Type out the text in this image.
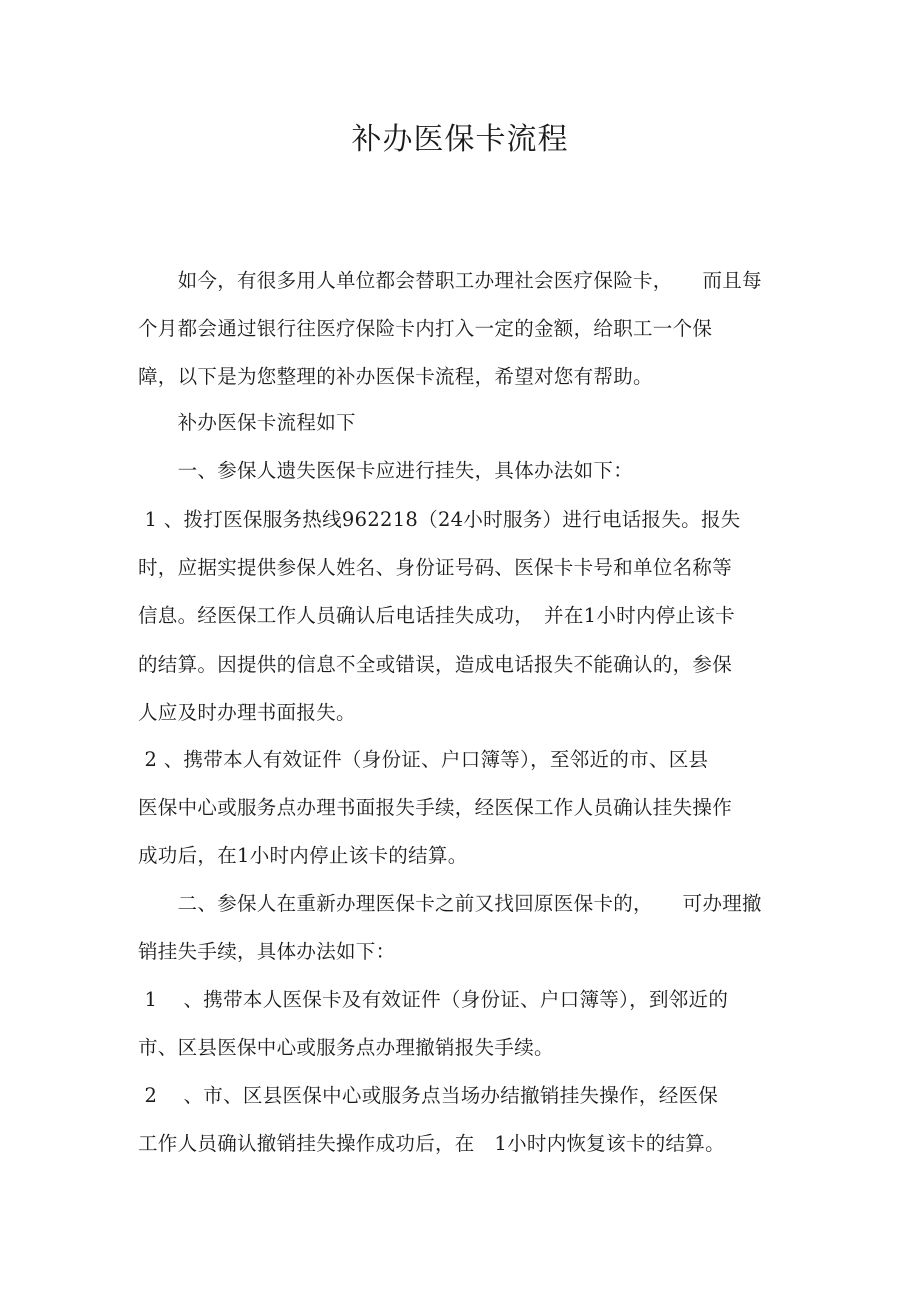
补办医保卡流程
　　如今，有很多用人单位都会替职工办理社会医疗保险卡，　　而且每
个月都会通过银行往医疗保险卡内打入一定的金额，给职工一个保
障，以下是为您整理的补办医保卡流程，希望对您有帮助。
　　补办医保卡流程如下
　　一、参保人遗失医保卡应进行挂失，具体办法如下：
1 、拨打医保服务热线962218（24小时服务）进行电话报失。报失
时，应据实提供参保人姓名、身份证号码、医保卡卡号和单位名称等
信息。经医保工作人员确认后电话挂失成功，　并在1小时内停止该卡
的结算。因提供的信息不全或错误，造成电话报失不能确认的，参保
人应及时办理书面报失。
2 、携带本人有效证件（身份证、户口簿等），至邻近的市、区县
医保中心或服务点办理书面报失手续，经医保工作人员确认挂失操作
成功后，在1小时内停止该卡的结算。
　　二、参保人在重新办理医保卡之前又找回原医保卡的，　　可办理撤
销挂失手续，具体办法如下：
1 　、携带本人医保卡及有效证件（身份证、户口簿等），到邻近的
市、区县医保中心或服务点办理撤销报失手续。
2 　、市、区县医保中心或服务点当场办结撤销挂失操作，经医保
工作人员确认撤销挂失操作成功后，在　1小时内恢复该卡的结算。
